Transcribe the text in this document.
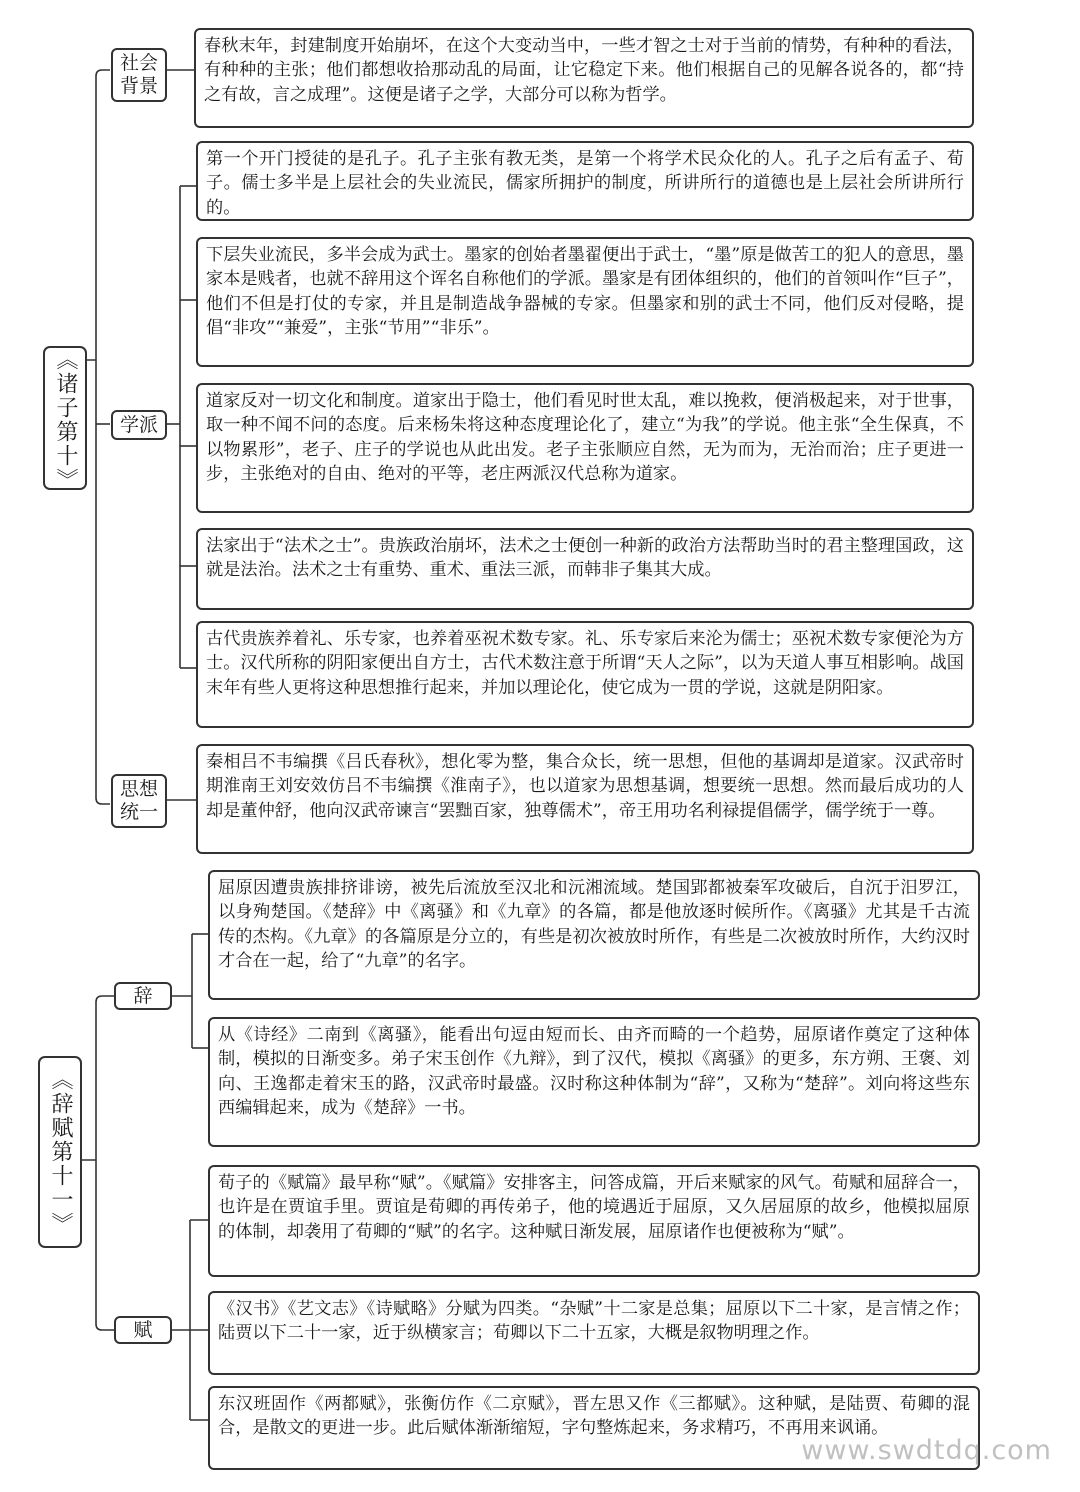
《诸子第十》
社会背景
学派
思想统一
春秋末年，封建制度开始崩坏，在这个大变动当中，一些才智之士对于当前的情势，有种种的看法，有种种的主张；他们都想收拾那动乱的局面，让它稳定下来。他们根据自己的见解各说各的，都“持之有故，言之成理”。这便是诸子之学，大部分可以称为哲学。
第一个开门授徒的是孔子。孔子主张有教无类，是第一个将学术民众化的人。孔子之后有孟子、荀子。儒士多半是上层社会的失业流民，儒家所拥护的制度，所讲所行的道德也是上层社会所讲所行的。
下层失业流民，多半会成为武士。墨家的创始者墨翟便出于武士，“墨”原是做苦工的犯人的意思，墨家本是贱者，也就不辞用这个诨名自称他们的学派。墨家是有团体组织的，他们的首领叫作“巨子”，他们不但是打仗的专家，并且是制造战争器械的专家。但墨家和别的武士不同，他们反对侵略，提倡“非攻”“兼爱”，主张“节用”“非乐”。
道家反对一切文化和制度。道家出于隐士，他们看见时世太乱，难以挽救，便消极起来，对于世事，取一种不闻不问的态度。后来杨朱将这种态度理论化了，建立“为我”的学说。他主张“全生保真，不以物累形”，老子、庄子的学说也从此出发。老子主张顺应自然，无为而为，无治而治；庄子更进一步，主张绝对的自由、绝对的平等，老庄两派汉代总称为道家。
法家出于“法术之士”。贵族政治崩坏，法术之士便创一种新的政治方法帮助当时的君主整理国政，这就是法治。法术之士有重势、重术、重法三派，而韩非子集其大成。
古代贵族养着礼、乐专家，也养着巫祝术数专家。礼、乐专家后来沦为儒士；巫祝术数专家便沦为方士。汉代所称的阴阳家便出自方士，古代术数注意于所谓“天人之际”，以为天道人事互相影响。战国末年有些人更将这种思想推行起来，并加以理论化，使它成为一贯的学说，这就是阴阳家。
秦相吕不韦编撰《吕氏春秋》，想化零为整，集合众长，统一思想，但他的基调却是道家。汉武帝时期淮南王刘安效仿吕不韦编撰《淮南子》，也以道家为思想基调，想要统一思想。然而最后成功的人却是董仲舒，他向汉武帝谏言“罢黜百家，独尊儒术”，帝王用功名利禄提倡儒学，儒学统于一尊。
《辞赋第十一》
辞
赋
屈原因遭贵族排挤诽谤，被先后流放至汉北和沅湘流域。楚国郢都被秦军攻破后，自沉于汨罗江，以身殉楚国。《楚辞》中《离骚》和《九章》的各篇，都是他放逐时候所作。《离骚》尤其是千古流传的杰构。《九章》的各篇原是分立的，有些是初次被放时所作，有些是二次被放时所作，大约汉时才合在一起，给了“九章”的名字。
从《诗经》二南到《离骚》，能看出句逗由短而长、由齐而畸的一个趋势，屈原诸作奠定了这种体制，模拟的日渐变多。弟子宋玉创作《九辩》，到了汉代，模拟《离骚》的更多，东方朔、王褒、刘向、王逸都走着宋玉的路，汉武帝时最盛。汉时称这种体制为“辞”，又称为“楚辞”。刘向将这些东西编辑起来，成为《楚辞》一书。
荀子的《赋篇》最早称“赋”。《赋篇》安排客主，问答成篇，开后来赋家的风气。荀赋和屈辞合一，也许是在贾谊手里。贾谊是荀卿的再传弟子，他的境遇近于屈原，又久居屈原的故乡，他模拟屈原的体制，却袭用了荀卿的“赋”的名字。这种赋日渐发展，屈原诸作也便被称为“赋”。
《汉书》《艺文志》《诗赋略》分赋为四类。“杂赋”十二家是总集；屈原以下二十家，是言情之作；陆贾以下二十一家，近于纵横家言；荀卿以下二十五家，大概是叙物明理之作。
东汉班固作《两都赋》，张衡仿作《二京赋》，晋左思又作《三都赋》。这种赋，是陆贾、荀卿的混合，是散文的更进一步。此后赋体渐渐缩短，字句整炼起来，务求精巧，不再用来讽诵。
www.swdtdq.com
